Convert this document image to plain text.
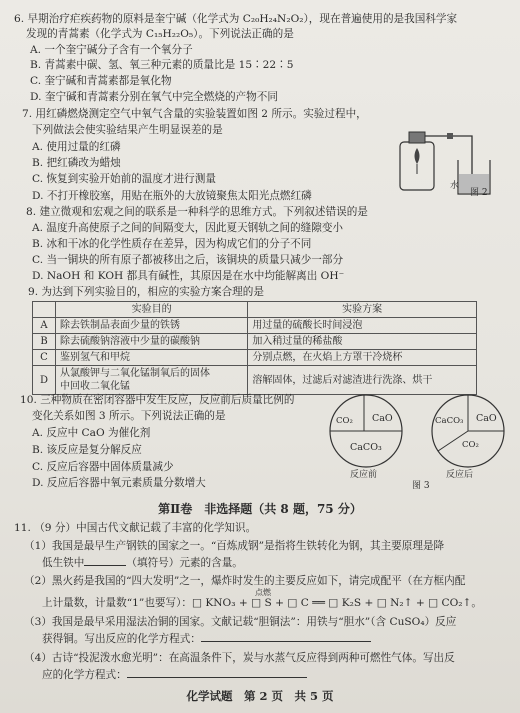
6. 早期治疗疟疾药物的原料是奎宁碱（化学式为 C₂₀H₂₄N₂O₂），现在普遍使用的是我国科学家
发现的青蒿素（化学式为 C₁₅H₂₂O₅）。下列说法正确的是
A. 一个奎宁碱分子含有一个氧分子
B. 青蒿素中碳、氢、氧三种元素的质量比是 15∶22∶5
C. 奎宁碱和青蒿素都是氧化物
D. 奎宁碱和青蒿素分别在氧气中完全燃烧的产物不同
7. 用红磷燃烧测定空气中氧气含量的实验装置如图 2 所示。实验过程中，
下列做法会使实验结果产生明显误差的是
A. 使用过量的红磷
B. 把红磷改为蜡烛
C. 恢复到实验开始前的温度才进行测量
D. 不打开橡胶塞，用贴在瓶外的大放镜聚焦太阳光点燃红磷
水
图 2
8. 建立微观和宏观之间的联系是一种科学的思维方式。下列叙述错误的是
A. 温度升高使原子之间的间隔变大，因此夏天钢轨之间的缝隙变小
B. 冰和干冰的化学性质存在差异，因为构成它们的分子不同
C. 当一铜块的所有原子都被移出之后，该铜块的质量只减少一部分
D. NaOH 和 KOH 都具有碱性，其原因是在水中均能解离出 OH⁻
9. 为达到下列实验目的，相应的实验方案合理的是
	实验目的	实验方案
A	除去铁制品表面少量的铁锈	用过量的硫酸长时间浸泡
B	除去硫酸钠溶液中少量的碳酸钠	加入稍过量的稀盐酸
C	鉴别氢气和甲烷	分别点燃，在火焰上方罩干冷烧杯
D	从氯酸钾与二氧化锰制氧后的固体
中回收二氧化锰	溶解固体，过滤后对滤渣进行洗涤、烘干
10. 三种物质在密闭容器中发生反应，反应前后质量比例的
变化关系如图 3 所示。下列说法正确的是
A. 反应中 CaO 为催化剂
B. 该反应是复分解反应
C. 反应后容器中固体质量减少
D. 反应后容器中氧元素质量分数增大
CO₂ CaO
CaCO₃
CaCO₃ CaO
CO₂
反应前	反应后
图 3
第Ⅱ卷　非选择题（共 8 题，75 分）
11. （9 分）中国古代文献记载了丰富的化学知识。
（1）我国是最早生产钢铁的国家之一。“百炼成钢”是指将生铁转化为钢，其主要原理是降
低生铁中	（填符号）元素的含量。
（2）黑火药是我国的“四大发明”之一，爆炸时发生的主要反应如下，请完成配平（在方框内配
点燃
上计量数，计量数“1”也要写）：□ KNO₃ + □ S + □ C ══ □ K₂S + □ N₂↑ + □ CO₂↑。
（3）我国是最早采用湿法冶铜的国家。文献记载“胆铜法”：用铁与“胆水”（含 CuSO₄）反应
获得铜。写出反应的化学方程式：
（4）古诗“投泥泼水愈光明”：在高温条件下，炭与水蒸气反应得到两种可燃性气体。写出反
应的化学方程式：
化学试题　第 2 页　共 5 页
